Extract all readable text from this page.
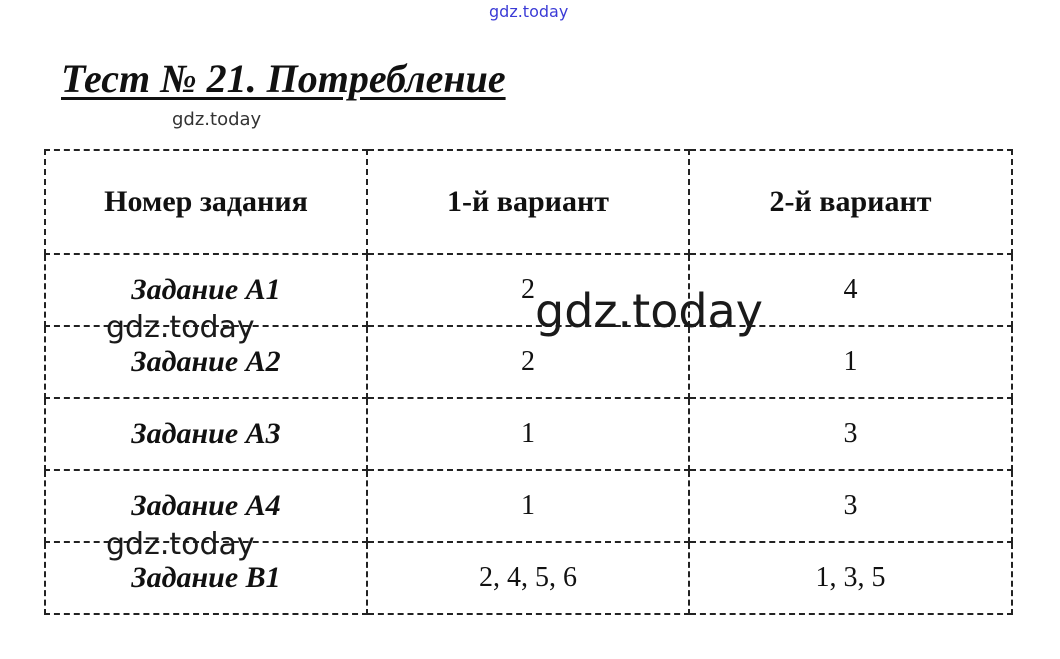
Тест № 21. Потребление
Номер задания	1-й вариант	2-й вариант
Задание А1	2	4
Задание А2	2	1
Задание А3	1	3
Задание А4	1	3
Задание В1	2, 4, 5, 6	1, 3, 5
gdz.today
gdz.today
gdz.today
gdz.today
gdz.today
